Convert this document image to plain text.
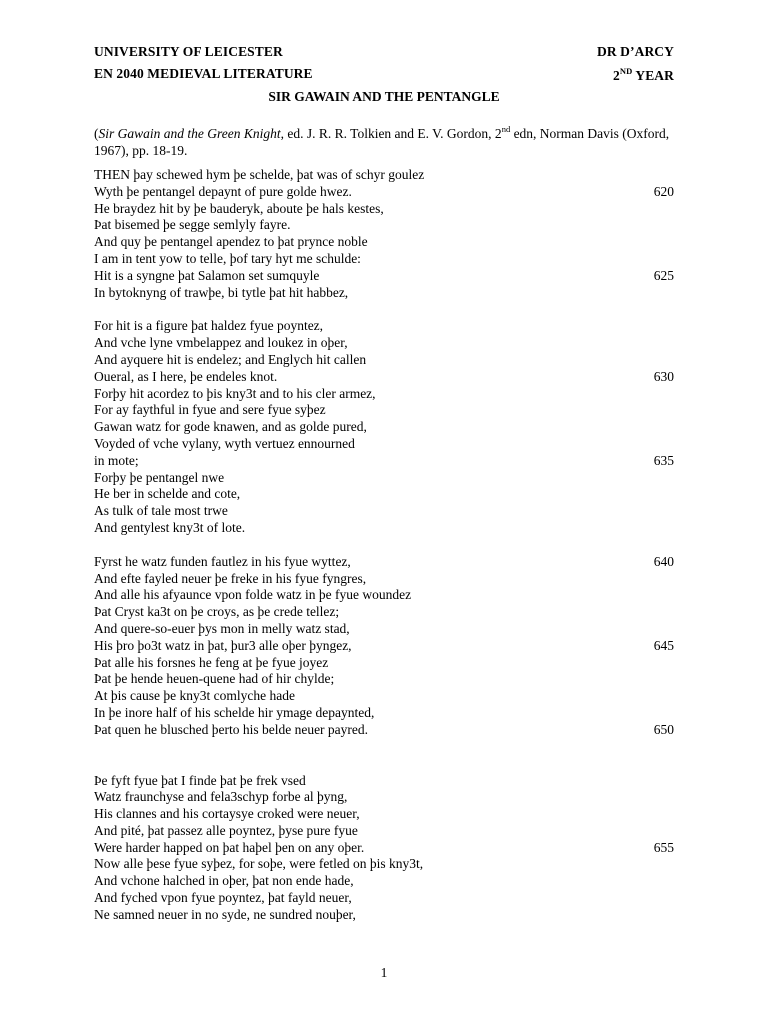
UNIVERSITY OF LEICESTER	DR D’ARCY
EN 2040 MEDIEVAL LITERATURE	2ND YEAR
SIR GAWAIN AND THE PENTANGLE
(Sir Gawain and the Green Knight, ed. J. R. R. Tolkien and E. V. Gordon, 2nd edn, Norman Davis (Oxford, 1967), pp. 18-19.
THEN þay schewed hym þe schelde, þat was of schyr goulez
Wyth þe pentangel depaynt of pure golde hwez.	620
He braydez hit by þe bauderyk, aboute þe hals kestes,
Þat bisemed þe segge semlyly fayre.
And quy þe pentangel apendez to þat prynce noble
I am in tent yow to telle, þof tary hyt me schulde:
Hit is a syngne þat Salamon set sumquyle	625
In bytoknyng of trawþe, bi tytle þat hit habbez,
For hit is a figure þat haldez fyue poyntez,
And vche lyne vmbelappez and loukez in oþer,
And ayquere hit is endelez; and Englych hit callen
Oueral, as I here, þe endeles knot.	630
Forþy hit acordez to þis kny3t and to his cler armez,
For ay faythful in fyue and sere fyue syþez
Gawan watz for gode knawen, and as golde pured,
Voyded of vche vylany, wyth vertuez ennourned
in mote;	635
Forþy þe pentangel nwe
He ber in schelde and cote,
As tulk of tale most trwe
And gentylest kny3t of lote.
Fyrst he watz funden fautlez in his fyue wyttez,	640
And efte fayled neuer þe freke in his fyue fyngres,
And alle his afyaunce vpon folde watz in þe fyue woundez
Þat Cryst ka3t on þe croys, as þe crede tellez;
And quere-so-euer þys mon in melly watz stad,
His þro þo3t watz in þat, þur3 alle oþer þyngez,	645
Þat alle his forsnes he feng at þe fyue joyez
Þat þe hende heuen-quene had of hir chylde;
At þis cause þe kny3t comlyche hade
In þe inore half of his schelde hir ymage depaynted,
Þat quen he blusched þerto his belde neuer payred.	650
Þe fyft fyue þat I finde þat þe frek vsed
Watz fraunchyse and fela3schyp forbe al þyng,
His clannes and his cortaysye croked were neuer,
And pité, þat passez alle poyntez, þyse pure fyue
Were harder happed on þat haþel þen on any oþer.	655
Now alle þese fyue syþez, for soþe, were fetled on þis kny3t,
And vchone halched in oþer, þat non ende hade,
And fyched vpon fyue poyntez, þat fayld neuer,
Ne samned neuer in no syde, ne sundred nouþer,
1
